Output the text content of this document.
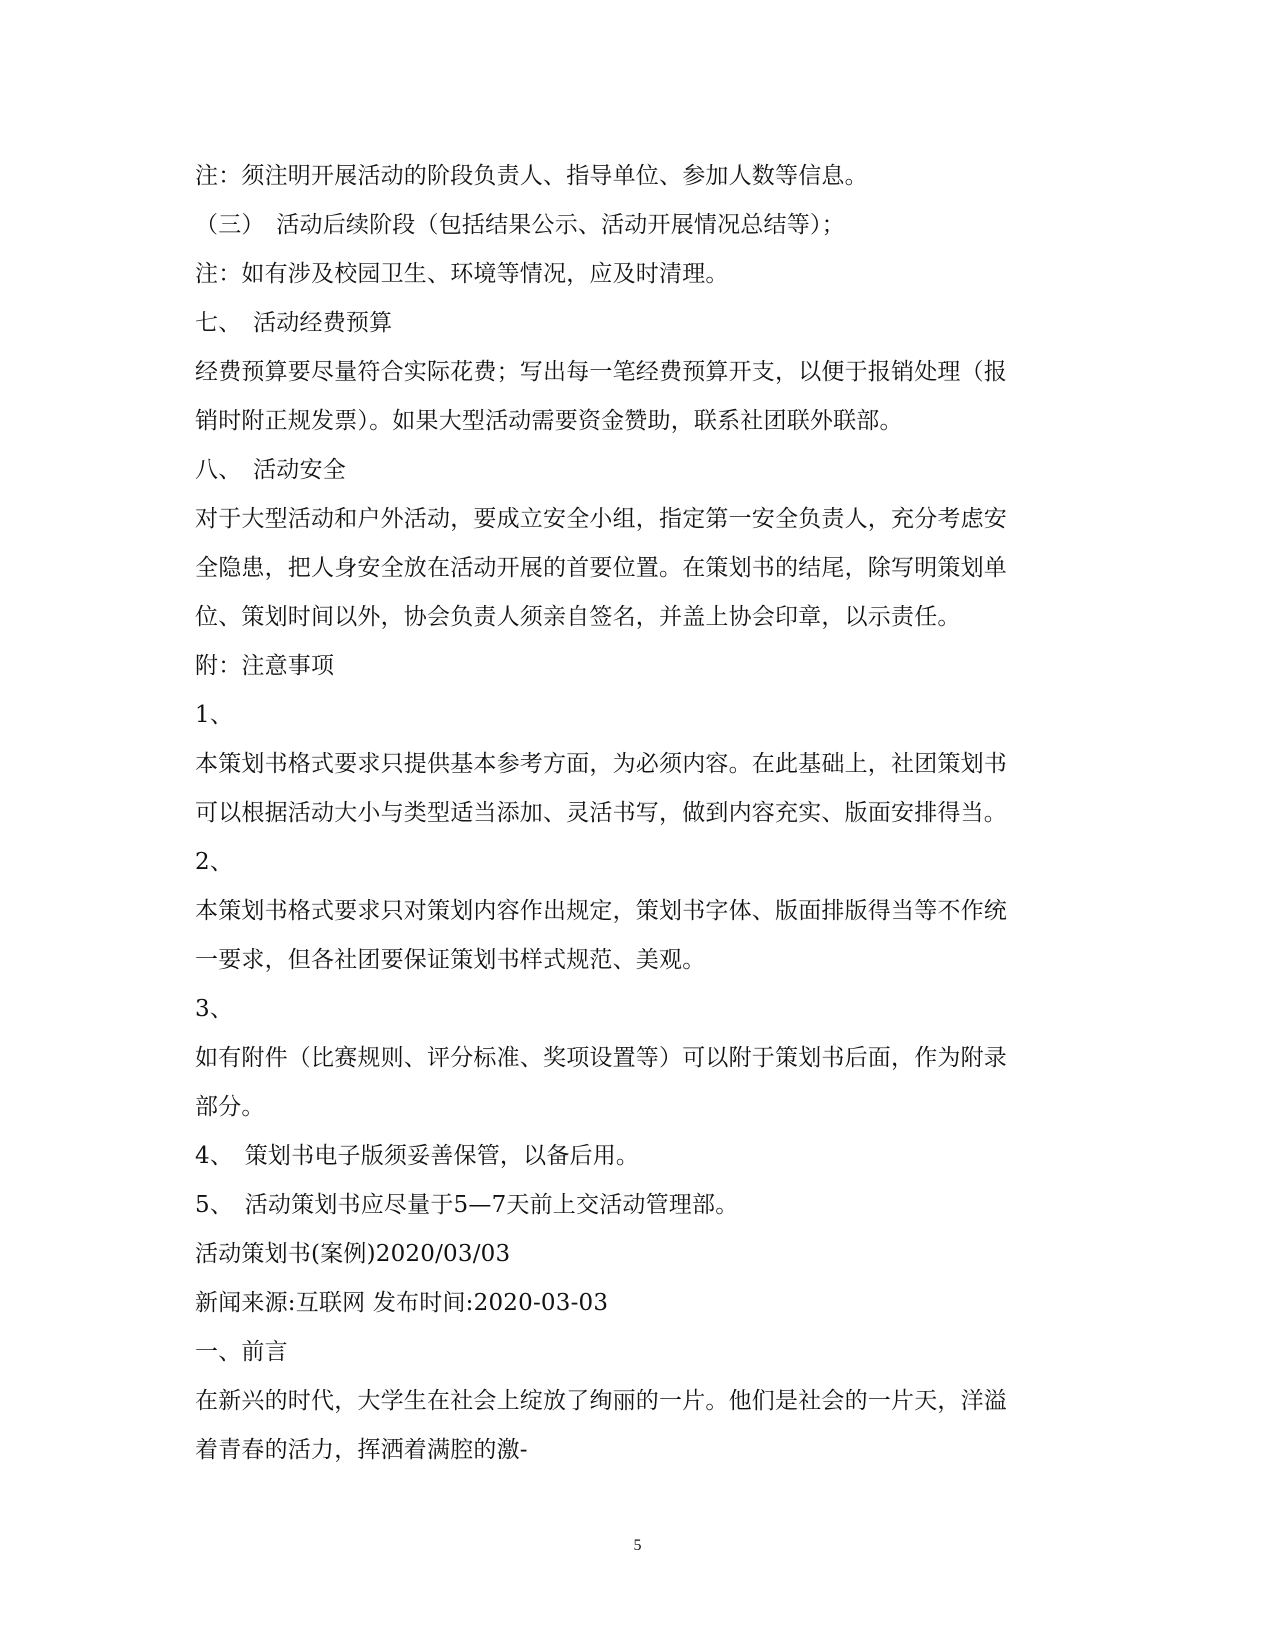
注：须注明开展活动的阶段负责人、指导单位、参加人数等信息。
（三）　活动后续阶段（包括结果公示、活动开展情况总结等）；
注：如有涉及校园卫生、环境等情况，应及时清理。
七、　活动经费预算
经费预算要尽量符合实际花费；写出每一笔经费预算开支，以便于报销处理（报
销时附正规发票）。如果大型活动需要资金赞助，联系社团联外联部。
八、　活动安全
对于大型活动和户外活动，要成立安全小组，指定第一安全负责人，充分考虑安
全隐患，把人身安全放在活动开展的首要位置。在策划书的结尾，除写明策划单
位、策划时间以外，协会负责人须亲自签名，并盖上协会印章，以示责任。
附：注意事项
1、
本策划书格式要求只提供基本参考方面，为必须内容。在此基础上，社团策划书
可以根据活动大小与类型适当添加、灵活书写，做到内容充实、版面安排得当。
2、
本策划书格式要求只对策划内容作出规定，策划书字体、版面排版得当等不作统
一要求，但各社团要保证策划书样式规范、美观。
3、
如有附件（比赛规则、评分标准、奖项设置等）可以附于策划书后面，作为附录
部分。
4、　策划书电子版须妥善保管，以备后用。
5、　活动策划书应尽量于5—7天前上交活动管理部。
活动策划书(案例)2020/03/03
新闻来源:互联网 发布时间:2020-03-03
一、前言
在新兴的时代，大学生在社会上绽放了绚丽的一片。他们是社会的一片天，洋溢
着青春的活力，挥洒着满腔的激-
5
